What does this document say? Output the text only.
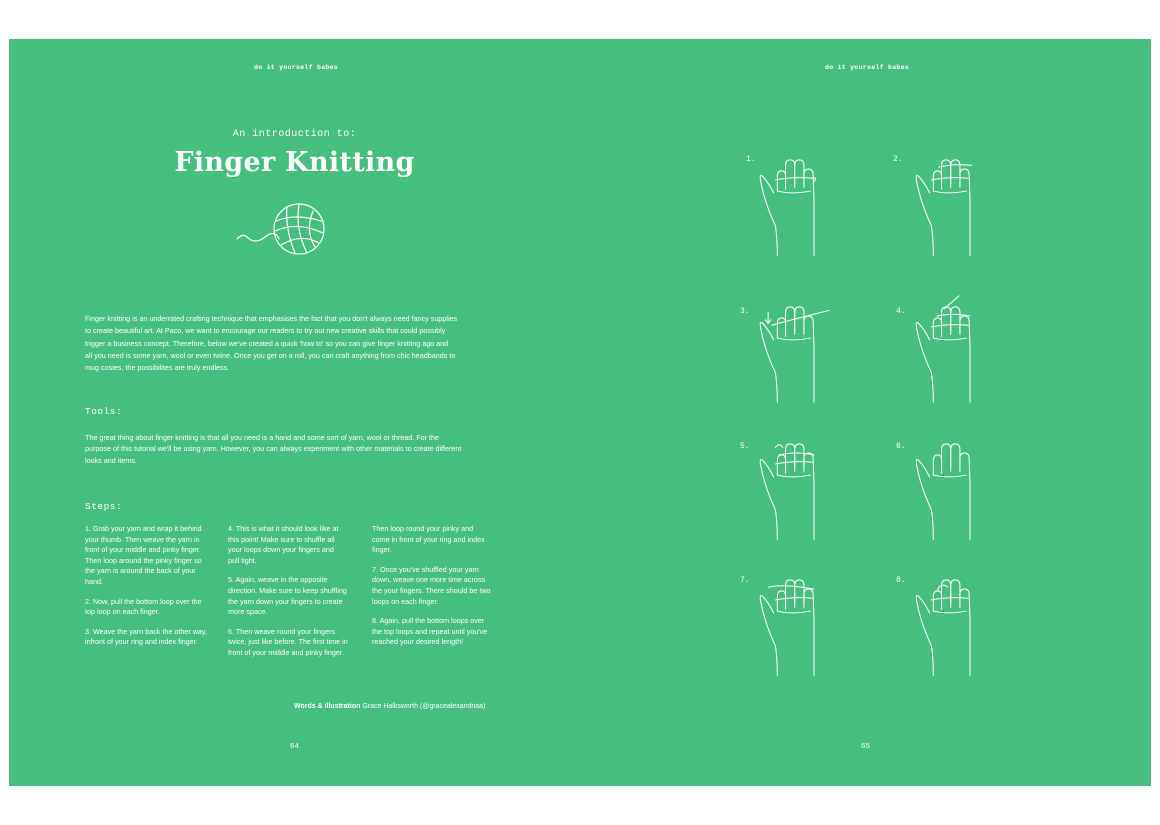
do it yourself babes
An introduction to:
Finger Knitting
Finger knitting is an underrated crafting technique that emphasises the fact that you don't always need fancy supplies
to create beautiful art. At Paco, we want to encourage our readers to try out new creative skills that could possibly
trigger a business concept. Therefore, below we've created a quick 'how to' so you can give finger knitting ago and
all you need is some yarn, wool or even twine. Once you get on a roll, you can craft anything from chic headbands to
mug cosies, the possibilites are truly endless.
Tools:
The great thing about finger knitting is that all you need is a hand and some sort of yarn, wool or thread. For the
purpose of this tutorial we'll be using yarn. However, you can always experiment with other materials to create different
looks and items.
Steps:

1. Grab your yarn and wrap it behind
your thumb. Then weave the yarn in
front of your middle and pinky finger.
Then loop around the pinky finger so
the yarn is around the back of your
hand.

2. Now, pull the bottom loop over the
top loop on each finger.

3. Weave the yarn back the other way,
infront of your ring and index finger.

4. This is what it should look like at
this point! Make sure to shuffle all
your loops down your fingers and
pull tight.

5. Again, weave in the opposite
direction. Make sure to keep shuffling
the yarn down your fingers to create
more space.

6. Then weave round your fingers
twice, just like before. The first time in
front of your middle and pinky finger.

Then loop round your pinky and
come in front of your ring and index
finger.

7. Once you've shuffled your yarn
down, weave one more time across
the your fingers. There should be two
loops on each finger.

8. Again, pull the bottom loops over
the top loops and repeat until you've
reached your desired length!

Words & illustration Grace Halksworth (@gracealexandriaa)
64
do it yourself babes
1.	2.
3.	4.
5.	6.
7.	8.
65
